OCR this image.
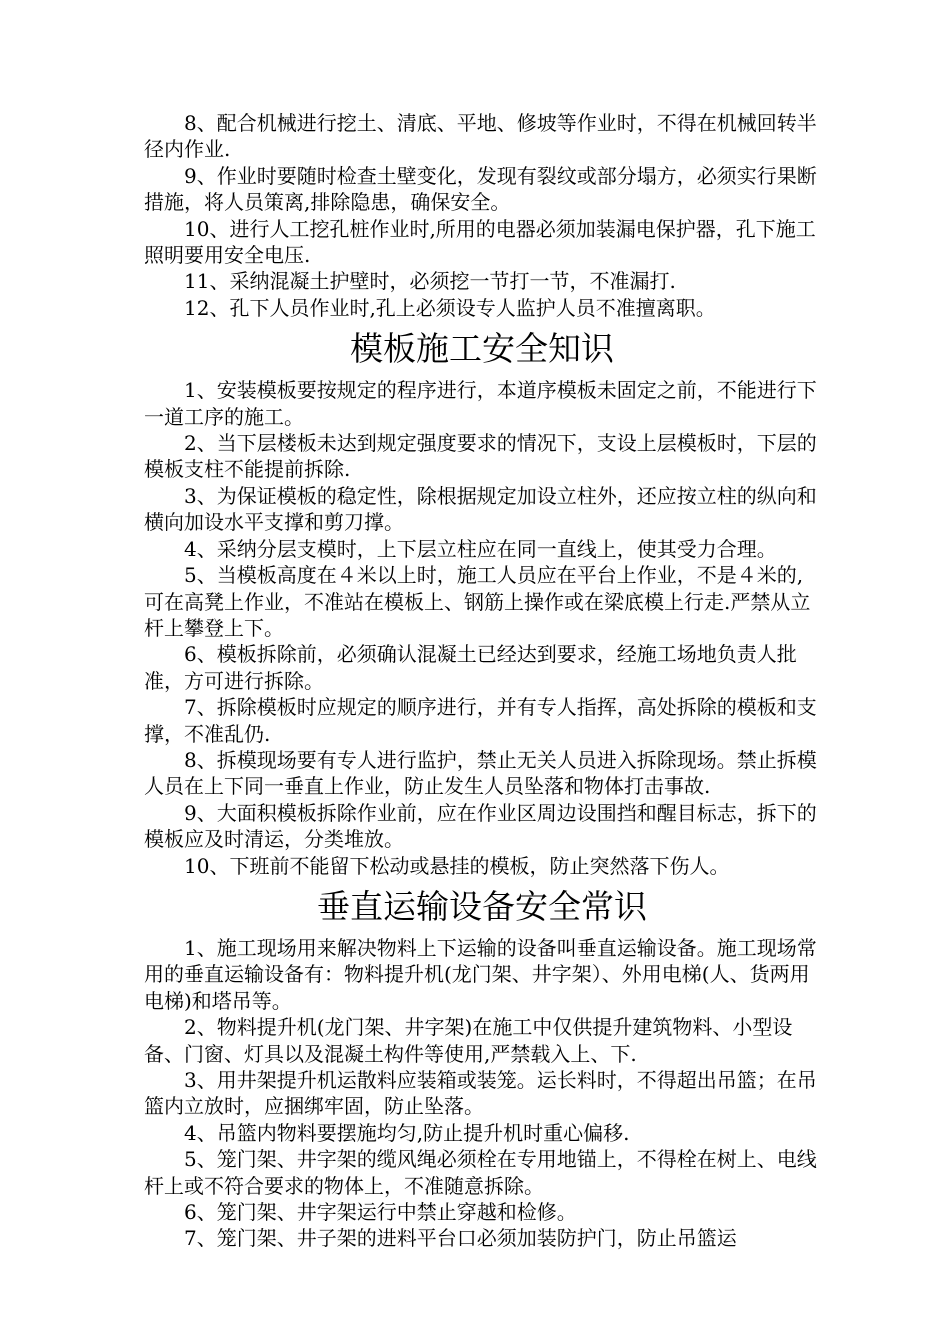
8、配合机械进行挖土、清底、平地、修坡等作业时，不得在机械回转半径内作业.

9、作业时要随时检查土壁变化，发现有裂纹或部分塌方，必须实行果断措施，将人员策离,排除隐患，确保安全。

10、进行人工挖孔桩作业时,所用的电器必须加装漏电保护器，孔下施工照明要用安全电压.

11、采纳混凝土护壁时，必须挖一节打一节，不准漏打.

12、孔下人员作业时,孔上必须设专人监护人员不准擅离职。

模板施工安全知识

1、安装模板要按规定的程序进行，本道序模板未固定之前，不能进行下一道工序的施工。

2、当下层楼板未达到规定强度要求的情况下，支设上层模板时，下层的模板支柱不能提前拆除.

3、为保证模板的稳定性，除根据规定加设立柱外，还应按立柱的纵向和横向加设水平支撑和剪刀撑。

4、采纳分层支模时，上下层立柱应在同一直线上，使其受力合理。

5、当模板高度在４米以上时，施工人员应在平台上作业，不是４米的,可在高凳上作业，不准站在模板上、钢筋上操作或在梁底模上行走.严禁从立杆上攀登上下。

6、模板拆除前，必须确认混凝土已经达到要求，经施工场地负责人批准，方可进行拆除。

7、拆除模板时应规定的顺序进行，并有专人指挥，高处拆除的模板和支撑，不准乱仍.

8、拆模现场要有专人进行监护，禁止无关人员进入拆除现场。禁止拆模人员在上下同一垂直上作业，防止发生人员坠落和物体打击事故.

9、大面积模板拆除作业前，应在作业区周边设围挡和醒目标志，拆下的模板应及时清运，分类堆放。

10、下班前不能留下松动或悬挂的模板，防止突然落下伤人。

垂直运输设备安全常识

1、施工现场用来解决物料上下运输的设备叫垂直运输设备。施工现场常用的垂直运输设备有：物料提升机(龙门架、井字架）、外用电梯(人、货两用电梯)和塔吊等。

2、物料提升机(龙门架、井字架)在施工中仅供提升建筑物料、小型设备、门窗、灯具以及混凝土构件等使用,严禁载入上、下.

3、用井架提升机运散料应装箱或装笼。运长料时，不得超出吊篮；在吊篮内立放时，应捆绑牢固，防止坠落。

4、吊篮内物料要摆施均匀,防止提升机时重心偏移.

5、笼门架、井字架的缆风绳必须栓在专用地锚上，不得栓在树上、电线杆上或不符合要求的物体上，不准随意拆除。

6、笼门架、井字架运行中禁止穿越和检修。

7、笼门架、井子架的进料平台口必须加装防护门，防止吊篮运
